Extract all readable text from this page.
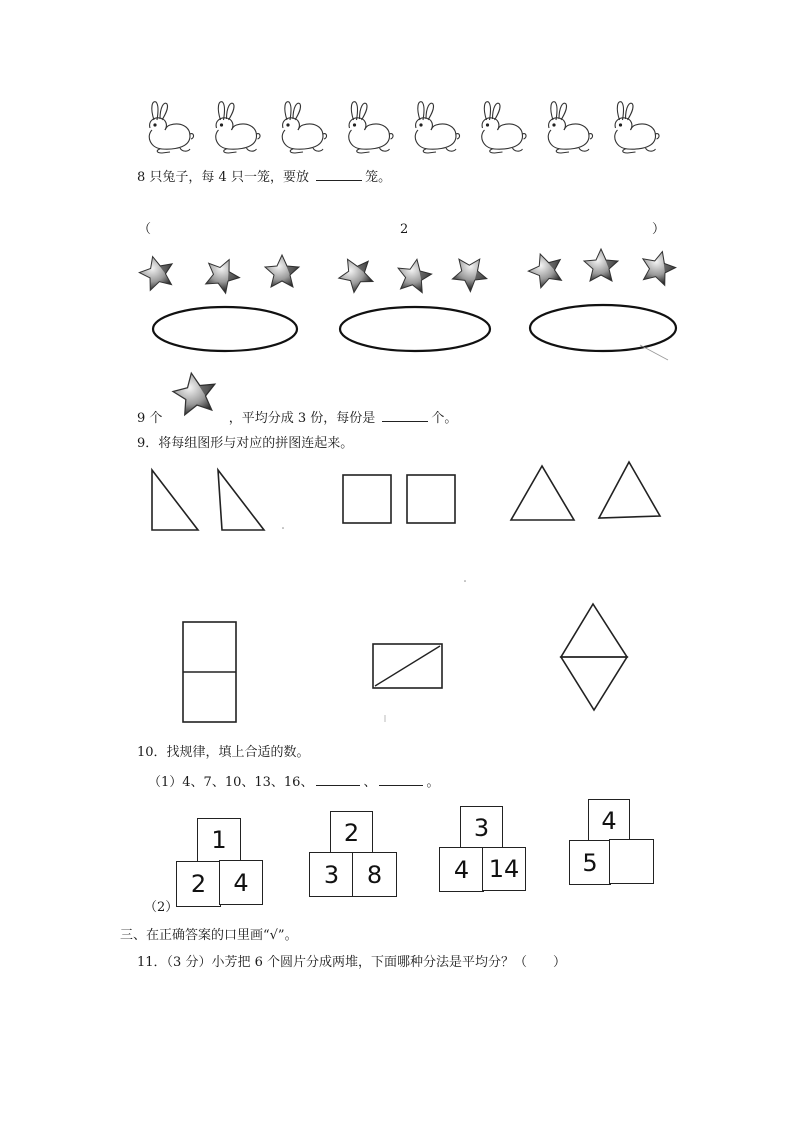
8 只兔子，每 4 只一笼，要放	笼。
（	2	）
9 个	，平均分成 3 份，每份是	个。
9．将每组图形与对应的拼图连起来。
10．找规律，填上合适的数。
（1）4、7、10、13、16、	、	。
1
2	4
2
3	8
3
4 14
4
5
（2）
三、在正确答案的口里画“√”。
11．（3 分）小芳把 6 个圆片分成两堆，下面哪种分法是平均分？（　　）
